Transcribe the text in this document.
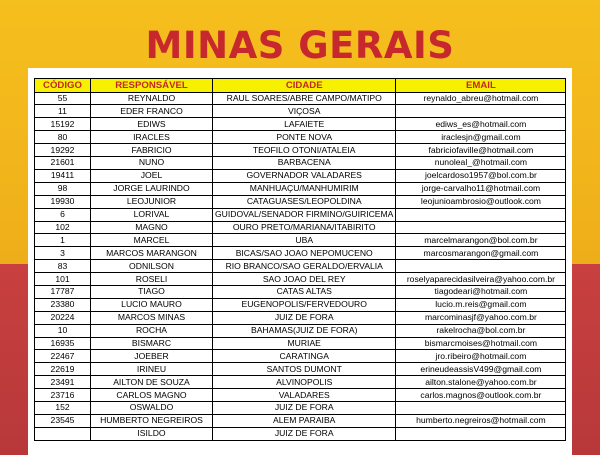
MINAS GERAIS
CÓDIGO	RESPONSÁVEL	CIDADE	EMAIL
55	REYNALDO	RAUL SOARES/ABRE CAMPO/MATIPO	reynaldo_abreu@hotmail.com
11	EDER FRANCO	VIÇOSA	
15192	EDIWS	LAFAIETE	ediws_es@hotmail.com
80	IRACLES	PONTE NOVA	iraclesjn@gmail.com
19292	FABRICIO	TEOFILO OTONI/ATALEIA	fabriciofaville@hotmail.com
21601	NUNO	BARBACENA	nunoleal_@hotmail.com
19411	JOEL	GOVERNADOR VALADARES	joelcardoso1957@bol.com.br
98	JORGE LAURINDO	MANHUAÇU/MANHUMIRIM	jorge-carvalho11@hotmail.com
19930	LEOJUNIOR	CATAGUASES/LEOPOLDINA	leojunioambrosio@outlook.com
6	LORIVAL	GUIDOVAL/SENADOR FIRMINO/GUIRICEMA	
102	MAGNO	OURO PRETO/MARIANA/ITABIRITO	
1	MARCEL	UBA	marcelmarangon@bol.com.br
3	MARCOS MARANGON	BICAS/SAO JOAO NEPOMUCENO	marcosmarangon@gmail.com
83	ODNILSON	RIO BRANCO/SAO GERALDO/ERVALIA	
101	ROSELI	SAO JOAO DEL REY	roselyaparecidasilveira@yahoo.com.br
17787	TIAGO	CATAS ALTAS	tiagodeari@hotmail.com
23380	LUCIO MAURO	EUGENOPOLIS/FERVEDOURO	lucio.m.reis@gmail.com
20224	MARCOS MINAS	JUIZ DE FORA	marcominasjf@yahoo.com.br
10	ROCHA	BAHAMAS(JUIZ DE FORA)	rakelrocha@bol.com.br
16935	BISMARC	MURIAE	bismarcmoises@hotmail.com
22467	JOEBER	CARATINGA	jro.ribeiro@hotmail.com
22619	IRINEU	SANTOS DUMONT	erineudeassisV499@gmail.com
23491	AILTON DE SOUZA	ALVINOPOLIS	ailton.stalone@yahoo.com.br
23716	CARLOS MAGNO	VALADARES	carlos.magnos@outlook.com.br
152	OSWALDO	JUIZ DE FORA	
23545	HUMBERTO NEGREIROS	ALEM PARAIBA	humberto.negreiros@hotmail.com
	ISILDO	JUIZ DE FORA	
